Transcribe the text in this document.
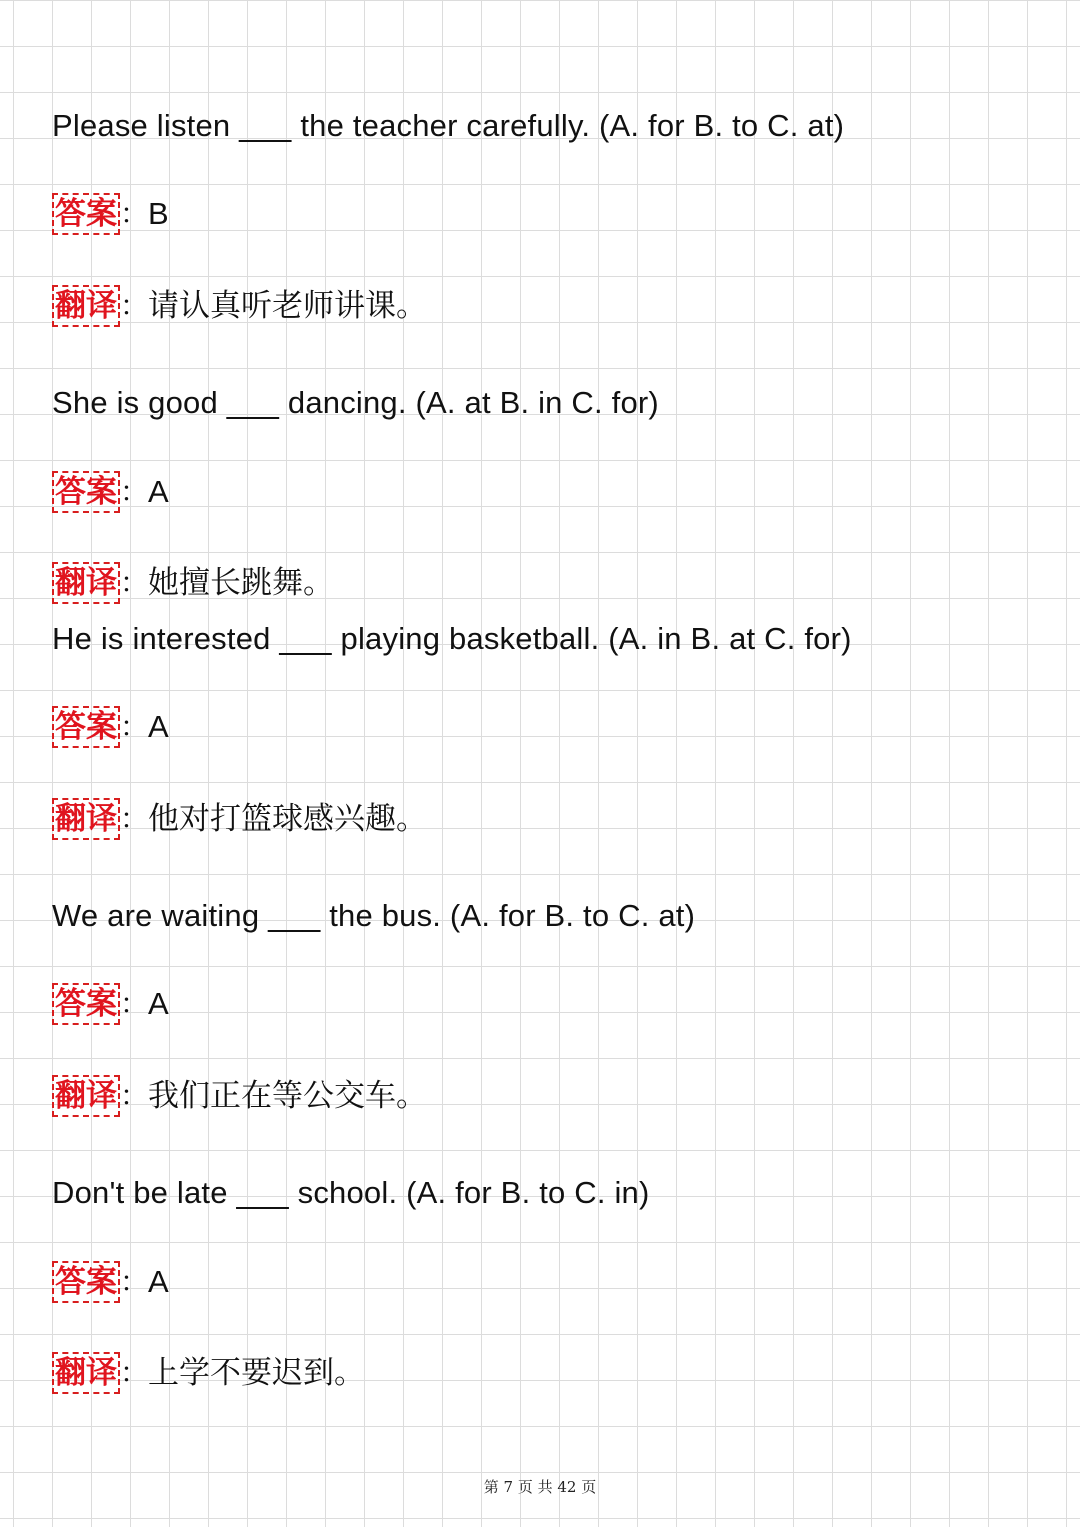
Please listen ___ the teacher carefully. (A. for B. to C. at)

答案 ：B

翻译 ：请认真听老师讲课。

She is good ___ dancing. (A. at B. in C. for)

答案 ：A

翻译 ：她擅长跳舞。

He is interested ___ playing basketball. (A. in B. at C. for)

答案 ：A

翻译 ：他对打篮球感兴趣。

We are waiting ___ the bus. (A. for B. to C. at)

答案 ：A

翻译 ：我们正在等公交车。

Don't be late ___ school. (A. for B. to C. in)

答案 ：A

翻译 ：上学不要迟到。

第 7 页 共 42 页
